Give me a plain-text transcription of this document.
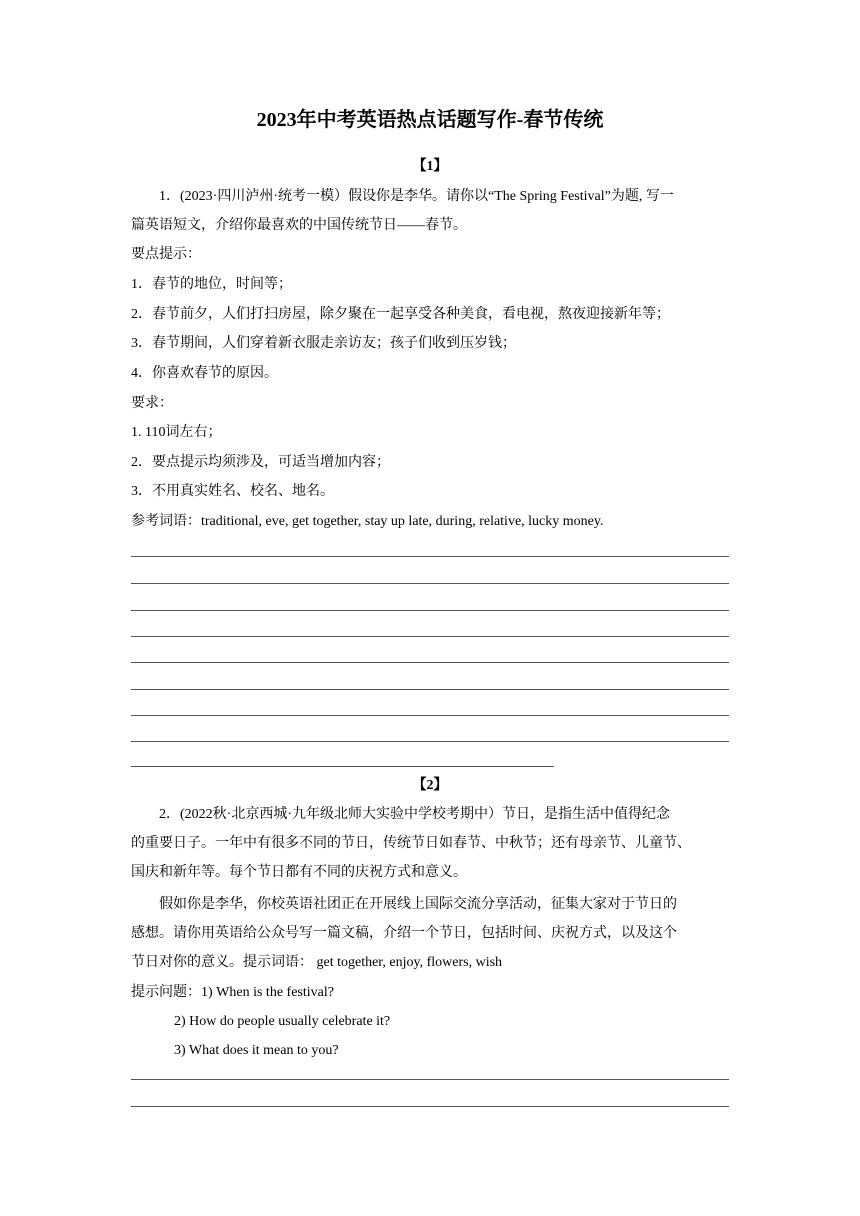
2023年中考英语热点话题写作-春节传统
【1】
1．(2023·四川泸州·统考一模）假设你是李华。请你以“The Spring Festival”为题, 写一
篇英语短文，介绍你最喜欢的中国传统节日——春节。
要点提示：
1．春节的地位，时间等；
2．春节前夕，人们打扫房屋，除夕聚在一起享受各种美食，看电视，熬夜迎接新年等；
3．春节期间，人们穿着新衣服走亲访友；孩子们收到压岁钱；
4．你喜欢春节的原因。
要求：
1. 110词左右；
2．要点提示均须涉及，可适当增加内容；
3．不用真实姓名、校名、地名。
参考词语：traditional, eve, get together, stay up late, during, relative, lucky money.
【2】
2．(2022秋·北京西城·九年级北师大实验中学校考期中）节日，是指生活中值得纪念
的重要日子。一年中有很多不同的节日，传统节日如春节、中秋节；还有母亲节、儿童节、
国庆和新年等。每个节日都有不同的庆祝方式和意义。
假如你是李华，你校英语社团正在开展线上国际交流分享活动，征集大家对于节日的
感想。请你用英语给公众号写一篇文稿，介绍一个节日，包括时间、庆祝方式，以及这个
节日对你的意义。提示词语： get together, enjoy, flowers, wish
提示问题：1) When is the festival?
2) How do people usually celebrate it?
3) What does it mean to you?
